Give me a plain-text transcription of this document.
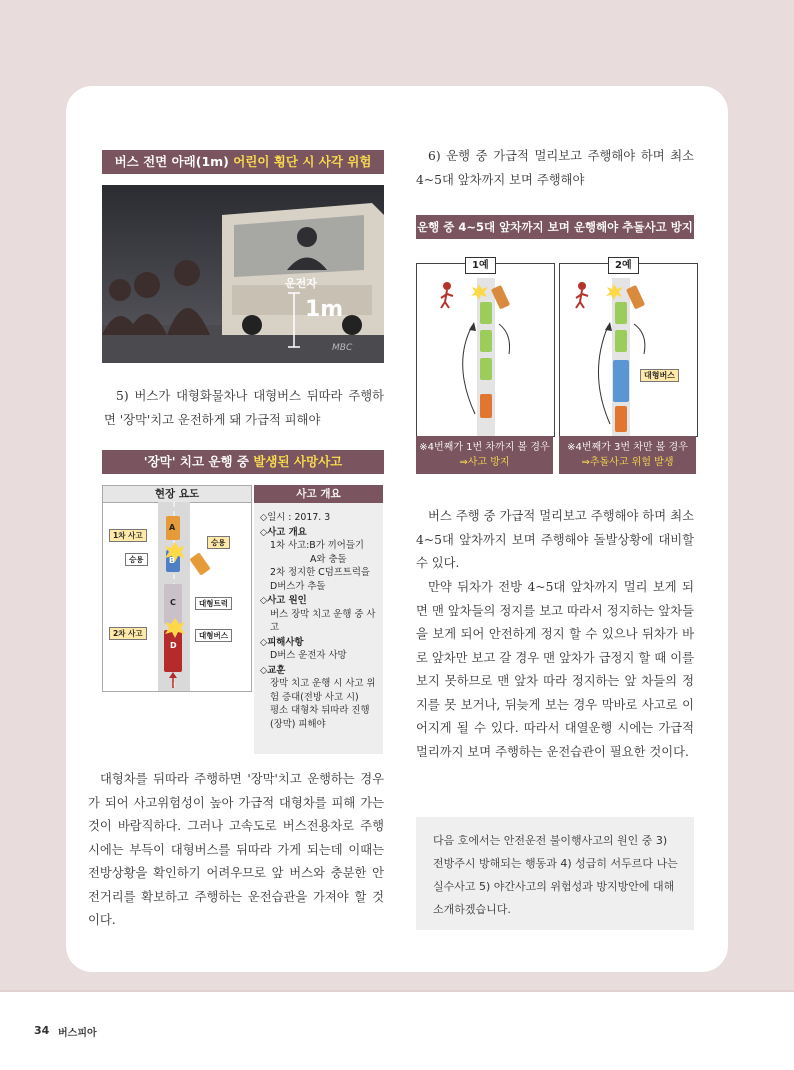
34 버스피아
버스 전면 아래(1m) 어린이 횡단 시 사각 위험
운전자
1m
MBC

5) 버스가 대형화물차나 대형버스 뒤따라 주행하면 '장막'치고 운전하게 돼 가급적 피해야

'장막' 치고 운행 중 발생된 사망사고
현장 요도
A
B
C
D
1차 사고
승용
승용
대형트럭
2차 사고	대형버스
사고 개요
◇일시 : 2017. 3
◇사고 개요
1차 사고:B가 끼어들기
A와 충돌
2차 정지한 C덤프트럭을 D버스가 추돌
◇사고 원인
버스 장막 치고 운행 중 사고
◇피해사항
D버스 운전자 사망
◇교훈
장막 치고 운행 시 사고 위험 증대(전방 사고 시)
평소 대형차 뒤따라 진행(장막) 피해야

대형차를 뒤따라 주행하면 '장막'치고 운행하는 경우가 되어 사고위험성이 높아 가급적 대형차를 피해 가는 것이 바람직하다. 그러나 고속도로 버스전용차로 주행시에는 부득이 대형버스를 뒤따라 가게 되는데 이때는 전방상황을 확인하기 어려우므로 앞 버스와 충분한 안전거리를 확보하고 주행하는 운전습관을 가져야 할 것이다.

6) 운행 중 가급적 멀리보고 주행해야 하며 최소 4~5대 앞차까지 보며 주행해야

운행 중 4~5대 앞차까지 보며 운행해야 추돌사고 방지
1예
※4번째가 1번 차까지 볼 경우
⇒사고 방지
2예
대형버스
※4번째가 3번 차만 볼 경우
⇒추돌사고 위험 발생

버스 주행 중 가급적 멀리보고 주행해야 하며 최소 4~5대 앞차까지 보며 주행해야 돌발상황에 대비할 수 있다.

만약 뒤차가 전방 4~5대 앞차까지 멀리 보게 되면 맨 앞차들의 정지를 보고 따라서 정지하는 앞차들을 보게 되어 안전하게 정지 할 수 있으나 뒤차가 바로 앞차만 보고 갈 경우 맨 앞차가 급정지 할 때 이를 보지 못하므로 맨 앞차 따라 정지하는 앞 차들의 정지를 못 보거나, 뒤늦게 보는 경우 막바로 사고로 이어지게 될 수 있다. 따라서 대열운행 시에는 가급적 멀리까지 보며 주행하는 운전습관이 필요한 것이다.

다음 호에서는 안전운전 불이행사고의 원인 중 3) 전방주시 방해되는 행동과 4) 성급히 서두르다 나는 실수사고 5) 야간사고의 위험성과 방지방안에 대해 소개하겠습니다.
